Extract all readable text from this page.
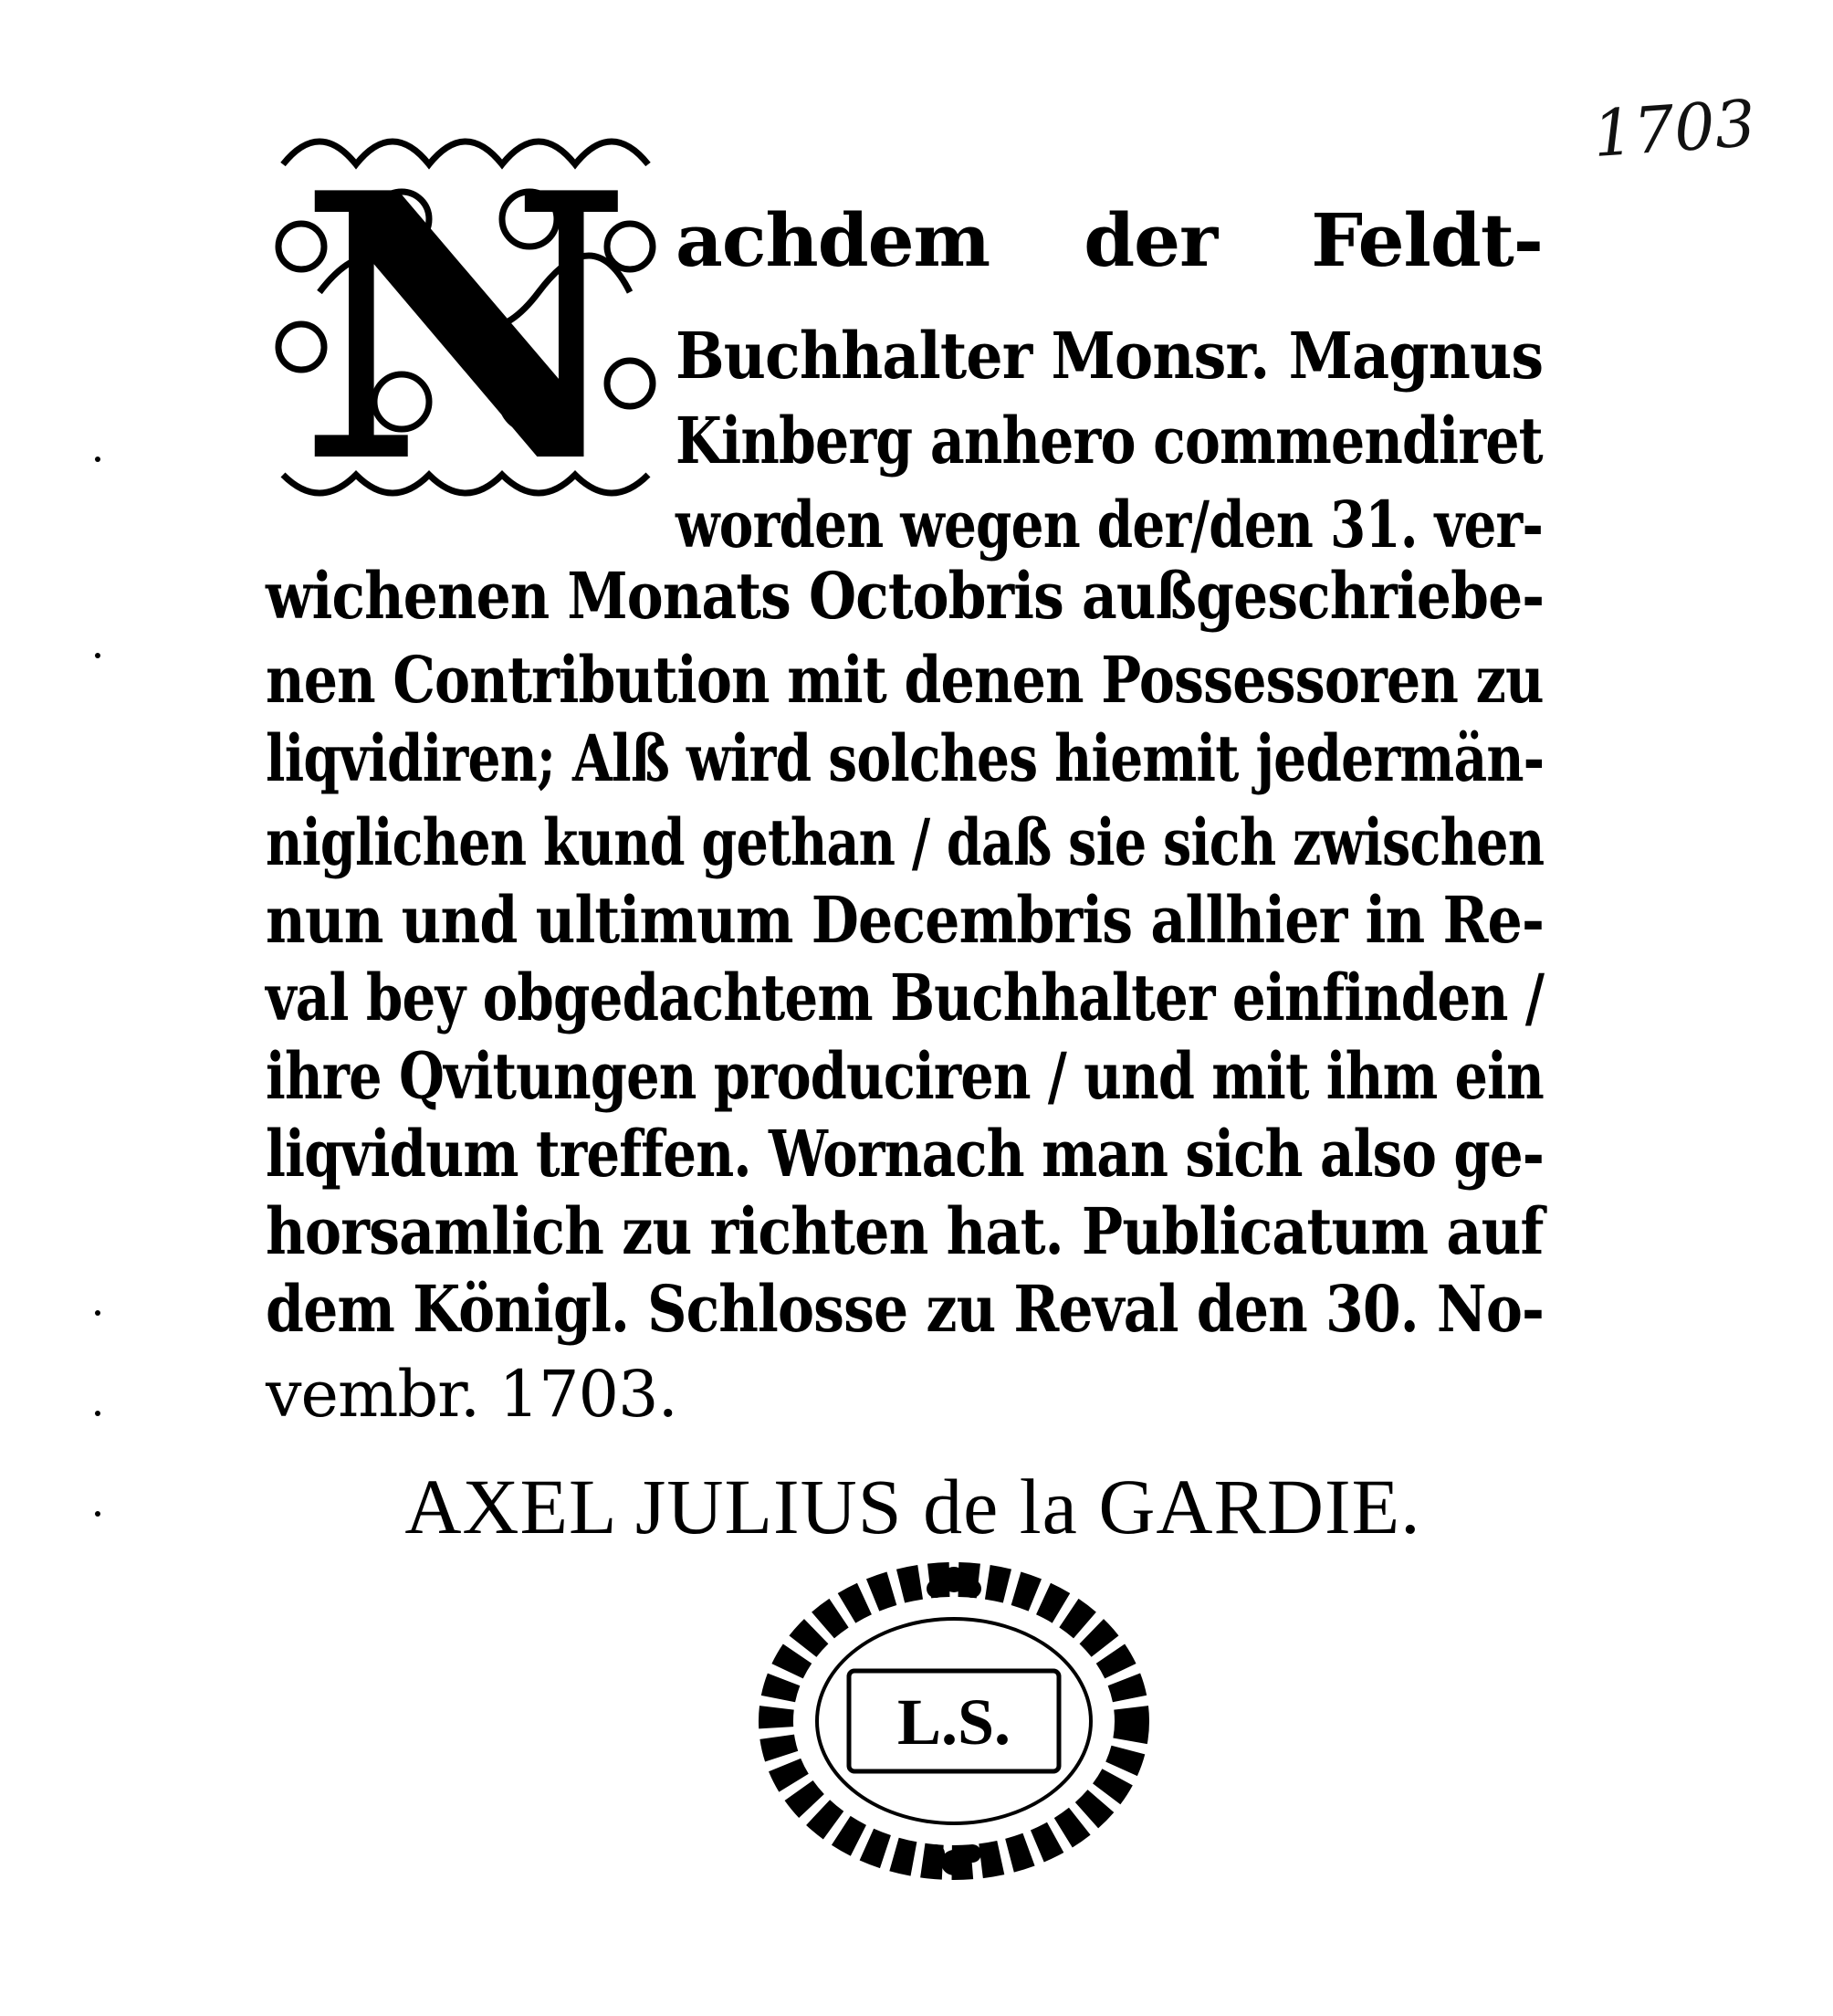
1703
N achdem der Feldt-
Buchhalter Monsr. Magnus
Kinberg anhero commendiret
worden wegen der/den 31. ver-
wichenen Monats Octobris außgeschriebe-
nen Contribution mit denen Possessoren zu
liqvidiren; Alß wird solches hiemit jedermän-
niglichen kund gethan / daß sie sich zwischen
nun und ultimum Decembris allhier in Re-
val bey obgedachtem Buchhalter einfinden /
ihre Qvitungen produciren / und mit ihm ein
liqvidum treffen. Wornach man sich also ge-
horsamlich zu richten hat. Publicatum auf
dem Königl. Schlosse zu Reval den 30. No-
vembr. 1703.
AXEL JULIUS de la GARDIE.
L.S.
